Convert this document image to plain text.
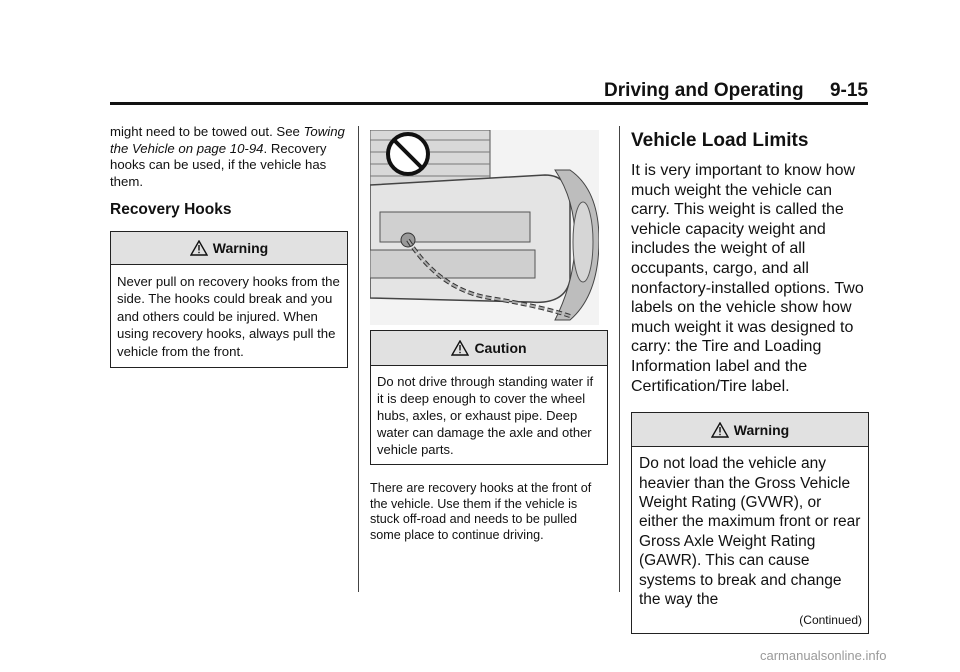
Driving and Operating     9-15

might need to be towed out. See Towing the Vehicle on page 10-94. Recovery hooks can be used, if the vehicle has them.

Recovery Hooks
Warning
Never pull on recovery hooks from the side. The hooks could break and you and others could be injured. When using recovery hooks, always pull the vehicle from the front.	Caution
Do not drive through standing water if it is deep enough to cover the wheel hubs, axles, or exhaust pipe. Deep water can damage the axle and other vehicle parts.
There are recovery hooks at the front of the vehicle. Use them if the vehicle is stuck off-road and needs to be pulled some place to continue driving.
Vehicle Load Limits

It is very important to know how much weight the vehicle can carry. This weight is called the vehicle capacity weight and includes the weight of all occupants, cargo, and all nonfactory-installed options. Two labels on the vehicle show how much weight it was designed to carry: the Tire and Loading Information label and the Certification/Tire label.

Warning
Do not load the vehicle any heavier than the Gross Vehicle Weight Rating (GVWR), or either the maximum front or rear Gross Axle Weight Rating (GAWR). This can cause systems to break and change the way the
(Continued)
carmanualsonline.info
